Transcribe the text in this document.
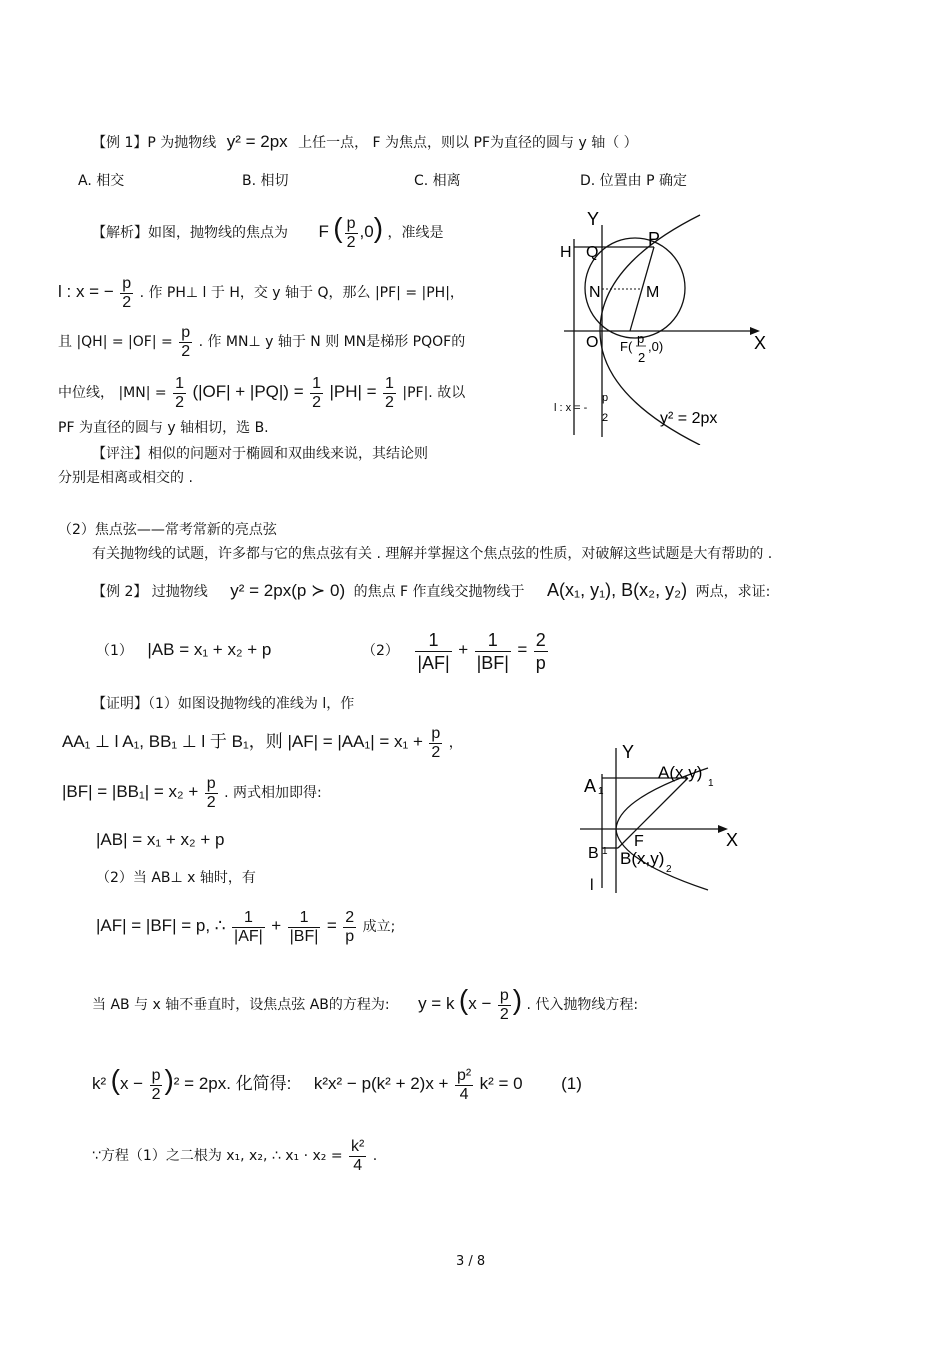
【例 1】P 为抛物线 y² = 2px 上任一点， F 为焦点，则以 PF为直径的圆与 y 轴（ ）
A. 相交	B. 相切	C. 相离	D. 位置由 P 确定
【解析】如图，抛物线的焦点为 F ( $\frac{p}{2} ,0$) ，准线是
l : x = − $\frac{p}{2}$ . 作 PH⊥ l 于 H，交 y 轴于 Q，那么 |PF| = |PH|，
且 $|QH| = |OF| = \frac{p}{2}$ . 作 MN⊥ y 轴于 N 则 MN是梯形 PQOF的
中位线， $|MN| = \frac{1}{2} (|OF| + |PQ|) = \frac{1}{2} |PH| = \frac{1}{2} |PF|$. 故以
PF 为直径的圆与 y 轴相切，选 B.
【评注】相似的问题对于椭圆和双曲线来说，其结论则
分别是相离或相交的 .
Y
H Q
P
N	M
O	X
F(
p
2
,0)
l : x = -
p
2	y² = 2px
（2）焦点弦——常考常新的亮点弦
有关抛物线的试题，许多都与它的焦点弦有关 . 理解并掌握这个焦点弦的性质，对破解这些试题是大有帮助的 .
【例 2】 过抛物线 y² = 2px(p ≻ 0) 的焦点 F 作直线交抛物线于 A(x₁, y₁), B(x₂, y₂) 两点，求证:
（1） |AB = x₁ + x₂ + p	$(2) \frac{1}{|AF|} + \frac{1}{|BF|} = \frac{2}{p}$
【证明】（1）如图设抛物线的准线为 l，作
AA₁ ⊥ l A₁, BB₁ ⊥ l 于 B₁，则 $|AF| = |AA_1| = x_1 + \frac{p}{2}$ ，
$|BF| = |BB_1| = x_2 + \frac{p}{2}$ . 两式相加即得:
|AB| = x₁ + x₂ + p
（2）当 AB⊥ x 轴时，有
|AF| = |BF| = p, ∴ $\frac{1}{|AF|} + \frac{1}{|BF|} = \frac{2}{p}$ 成立;
当 AB 与 x 轴不垂直时，设焦点弦 AB的方程为: y = k ($x - \frac{p}{2}$ ) . 代入抛物线方程:
k² $(x - \frac{p}{2} )^2 = 2px$. 化简得: $k^2x^2 - p(k^2 + 2)x + \frac{\text{p²}}{4} k^2 = 0$ (1)
∵方程（1）之二根为 x₁, x₂, ∴ $x_1 \cdot x_2 = \frac{\text{k²}}{4}$ .
Y
A 1
A(x,y)
1
F	X
B 1 B(x,y)
2
l
3 / 8
